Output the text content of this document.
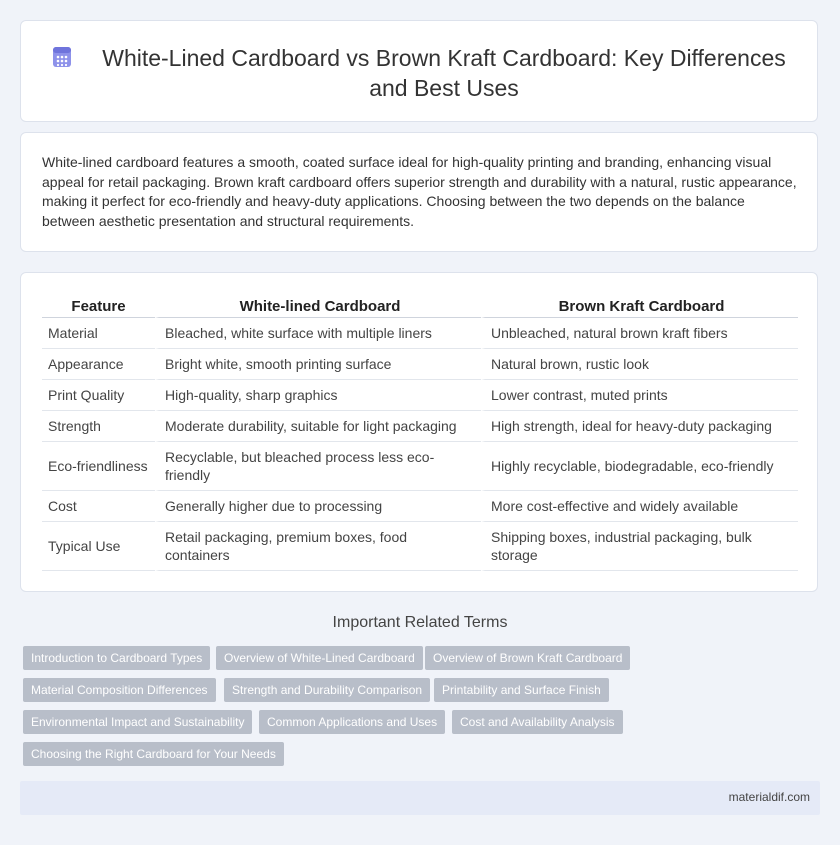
White-Lined Cardboard vs Brown Kraft Cardboard: Key Differences and Best Uses

White-lined cardboard features a smooth, coated surface ideal for high-quality printing and branding, enhancing visual appeal for retail packaging. Brown kraft cardboard offers superior strength and durability with a natural, rustic appearance, making it perfect for eco-friendly and heavy-duty applications. Choosing between the two depends on the balance between aesthetic presentation and structural requirements.

Feature	White-lined Cardboard	Brown Kraft Cardboard
Material	Bleached, white surface with multiple liners	Unbleached, natural brown kraft fibers
Appearance	Bright white, smooth printing surface	Natural brown, rustic look
Print Quality	High-quality, sharp graphics	Lower contrast, muted prints
Strength	Moderate durability, suitable for light packaging	High strength, ideal for heavy-duty packaging
Eco-friendliness	Recyclable, but bleached process less eco-friendly	Highly recyclable, biodegradable, eco-friendly
Cost	Generally higher due to processing	More cost-effective and widely available
Typical Use	Retail packaging, premium boxes, food containers	Shipping boxes, industrial packaging, bulk storage
Important Related Terms
Introduction to Cardboard Types	Overview of White-Lined Cardboard	Overview of Brown Kraft Cardboard
Material Composition Differences	Strength and Durability Comparison	Printability and Surface Finish
Environmental Impact and Sustainability	Common Applications and Uses	Cost and Availability Analysis
Choosing the Right Cardboard for Your Needs
materialdif.com
